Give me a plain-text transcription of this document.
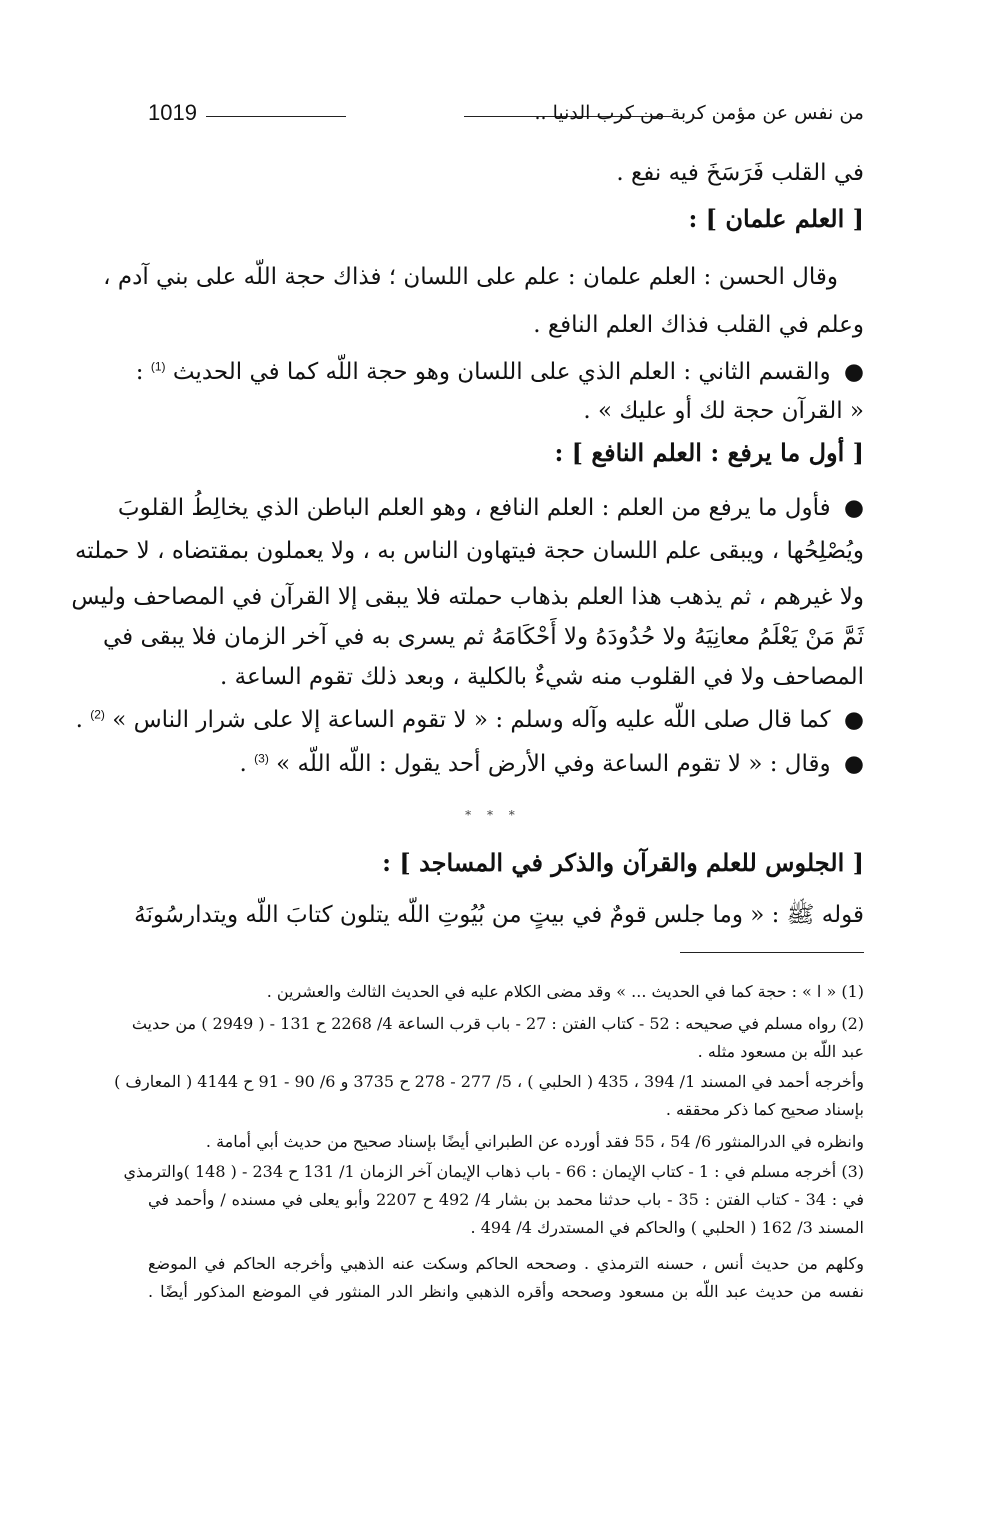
1019	من نفس عن مؤمن كربة من كرب الدنيا ..
في القلب فَرَسَخَ فيه نفع .
[ العلم علمان ] :
وقال الحسن : العلم علمان : علم على اللسان ؛ فذاك حجة اللّه على بني آدم ،
وعلم في القلب فذاك العلم النافع .
● والقسم الثاني : العلم الذي على اللسان وهو حجة اللّه كما في الحديث $^{(1)}$ :
« القرآن حجة لك أو عليك » .
[ أول ما يرفع : العلم النافع ] :
● فأول ما يرفع من العلم : العلم النافع ، وهو العلم الباطن الذي يخالِطُ القلوبَ
ويُصْلِحُها ، ويبقى علم اللسان حجة فيتهاون الناس به ، ولا يعملون بمقتضاه ، لا حملته
ولا غيرهم ، ثم يذهب هذا العلم بذهاب حملته فلا يبقى إلا القرآن في المصاحف وليس
ثَمَّ مَنْ يَعْلَمُ معانِيَهُ ولا حُدُودَهُ ولا أَحْكَامَهُ ثم يسرى به في آخر الزمان فلا يبقى في
المصاحف ولا في القلوب منه شيءٌ بالكلية ، وبعد ذلك تقوم الساعة .
● كما قال صلى اللّه عليه وآله وسلم : « لا تقوم الساعة إلا على شرار الناس » $^{(2)}$ .
● وقال : « لا تقوم الساعة وفي الأرض أحد يقول : اللّه اللّه » $^{(3)}$ .
* * *
[ الجلوس للعلم والقرآن والذكر في المساجد ] :
قوله ﷺ : « وما جلس قومٌ في بيتٍ من بُيُوتِ اللّه يتلون كتابَ اللّه ويتدارسُونَهُ
(1) « ا » : حجة كما في الحديث ... » وقد مضى الكلام عليه في الحديث الثالث والعشرين .
(2) رواه مسلم في صحيحه : 52 - كتاب الفتن : 27 - باب قرب الساعة 4/ 2268 ح 131 - ( 2949 ) من حديث
عبد اللّه بن مسعود مثله .
وأخرجه أحمد في المسند 1/ 394 ، 435 ( الحلبي ) ، 5/ 277 - 278 ح 3735 و 6/ 90 - 91 ح 4144 ( المعارف )
بإسناد صحيح كما ذكر محققه .
وانظره في الدرالمنثور 6/ 54 ، 55 فقد أورده عن الطبراني أيضًا بإسناد صحيح من حديث أبي أمامة .
(3) أخرجه مسلم في : 1 - كتاب الإيمان : 66 - باب ذهاب الإيمان آخر الزمان 1/ 131 ح 234 - ( 148 )والترمذي
في : 34 - كتاب الفتن : 35 - باب حدثنا محمد بن بشار 4/ 492 ح 2207 وأبو يعلى في مسنده / وأحمد في
المسند 3/ 162 ( الحلبي ) والحاكم في المستدرك 4/ 494 .
وكلهم من حديث أنس ، حسنه الترمذي . وصححه الحاكم وسكت عنه الذهبي وأخرجه الحاكم في الموضع
نفسه من حديث عبد اللّه بن مسعود وصححه وأقره الذهبي وانظر الدر المنثور في الموضع المذكور أيضًا .
